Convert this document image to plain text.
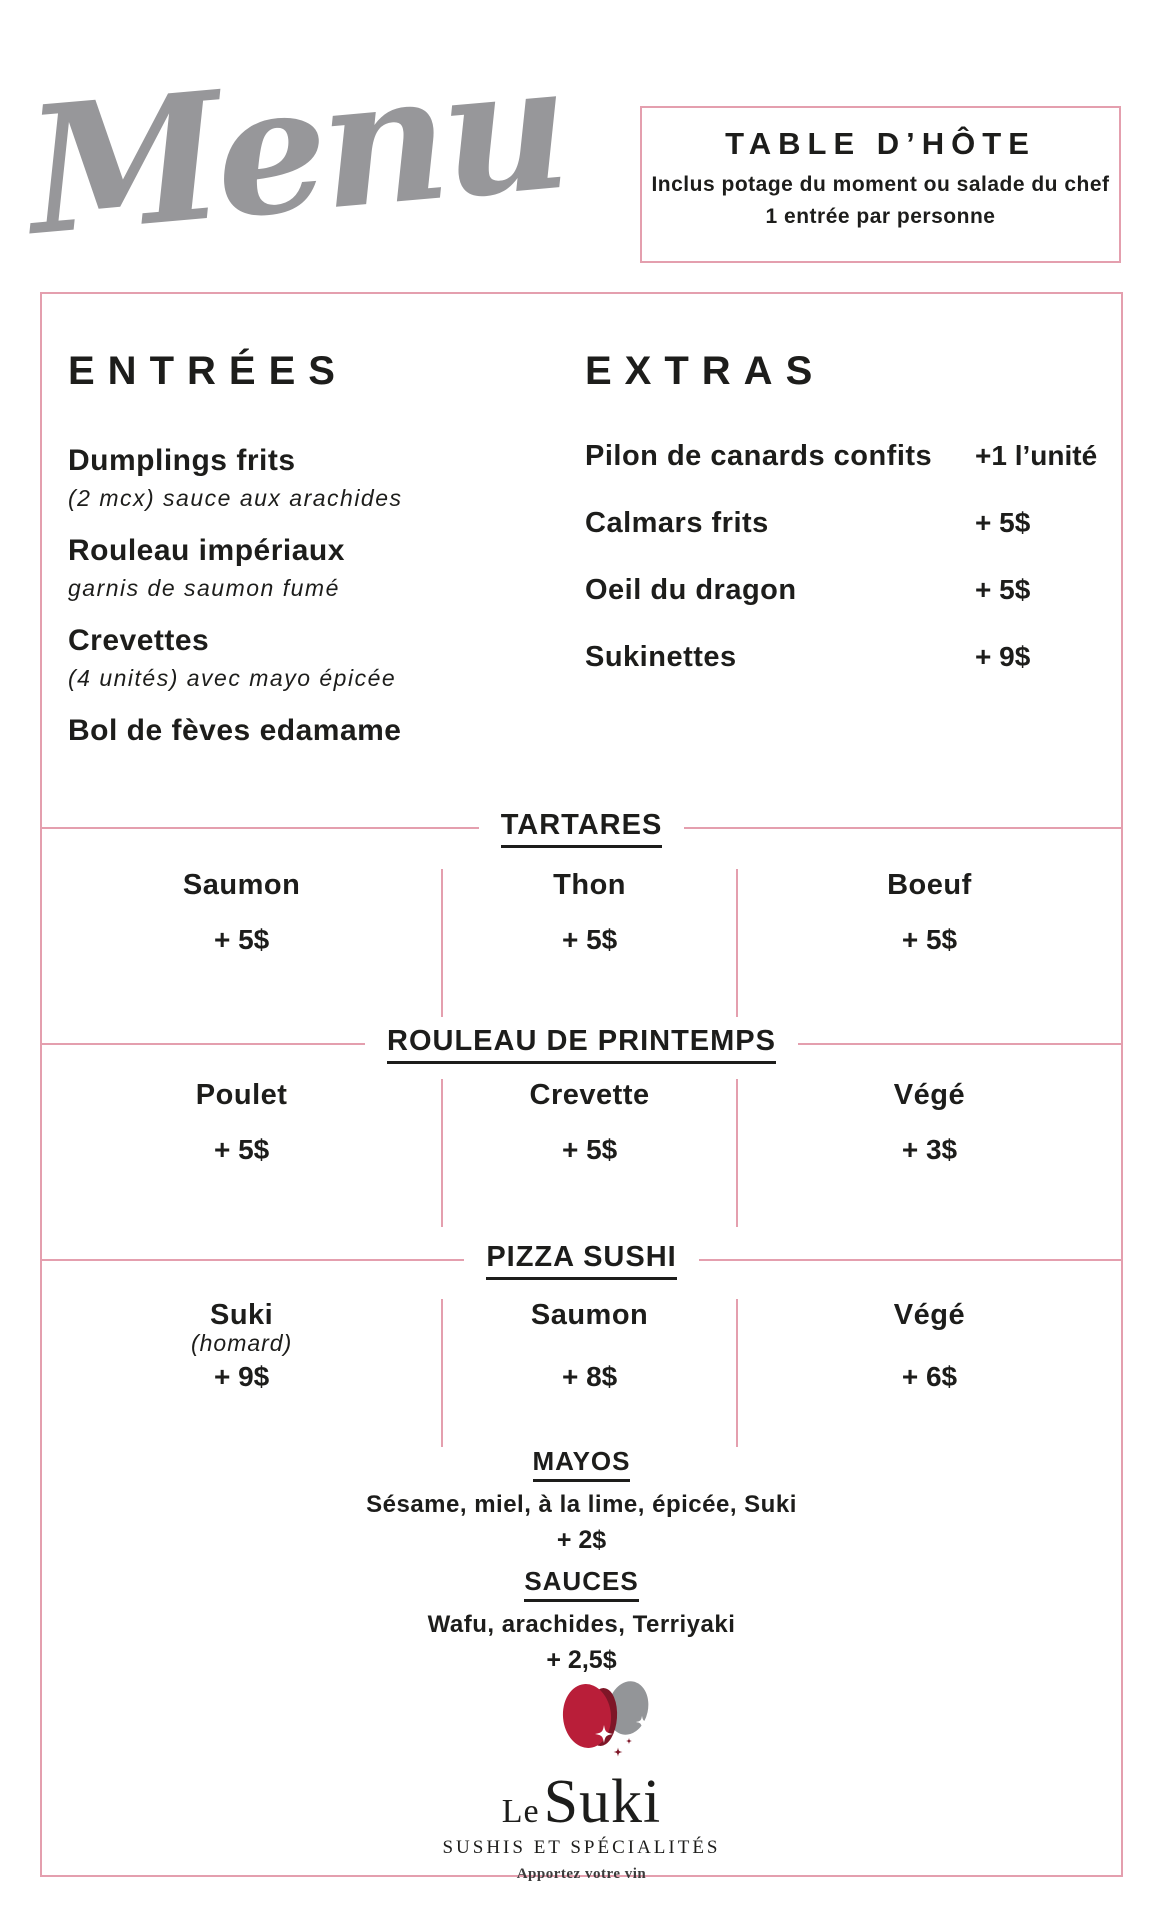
Menu	TABLE D’HÔTE
Inclus potage du moment ou salade du chef
1 entrée par personne
ENTRÉES
Dumplings frits
(2 mcx) sauce aux arachides
Rouleau impériaux
garnis de saumon fumé
Crevettes
(4 unités) avec mayo épicée
Bol de fèves edamame
EXTRAS
Pilon de canards confits +1 l’unité
Calmars frits	+ 5$
Oeil du dragon	+ 5$
Sukinettes	+ 9$
TARTARES
Saumon
+ 5$
Thon
+ 5$
Boeuf
+ 5$
ROULEAU DE PRINTEMPS
Poulet
+ 5$
Crevette
+ 5$
Végé
+ 3$
PIZZA SUSHI
Suki
(homard)
+ 9$
Saumon
+ 8$
Végé
+ 6$
MAYOS
Sésame, miel, à la lime, épicée, Suki
+ 2$
SAUCES
Wafu, arachides, Terriyaki
+ 2,5$
Le Suki
SUSHIS ET SPÉCIALITÉS
Apportez votre vin
